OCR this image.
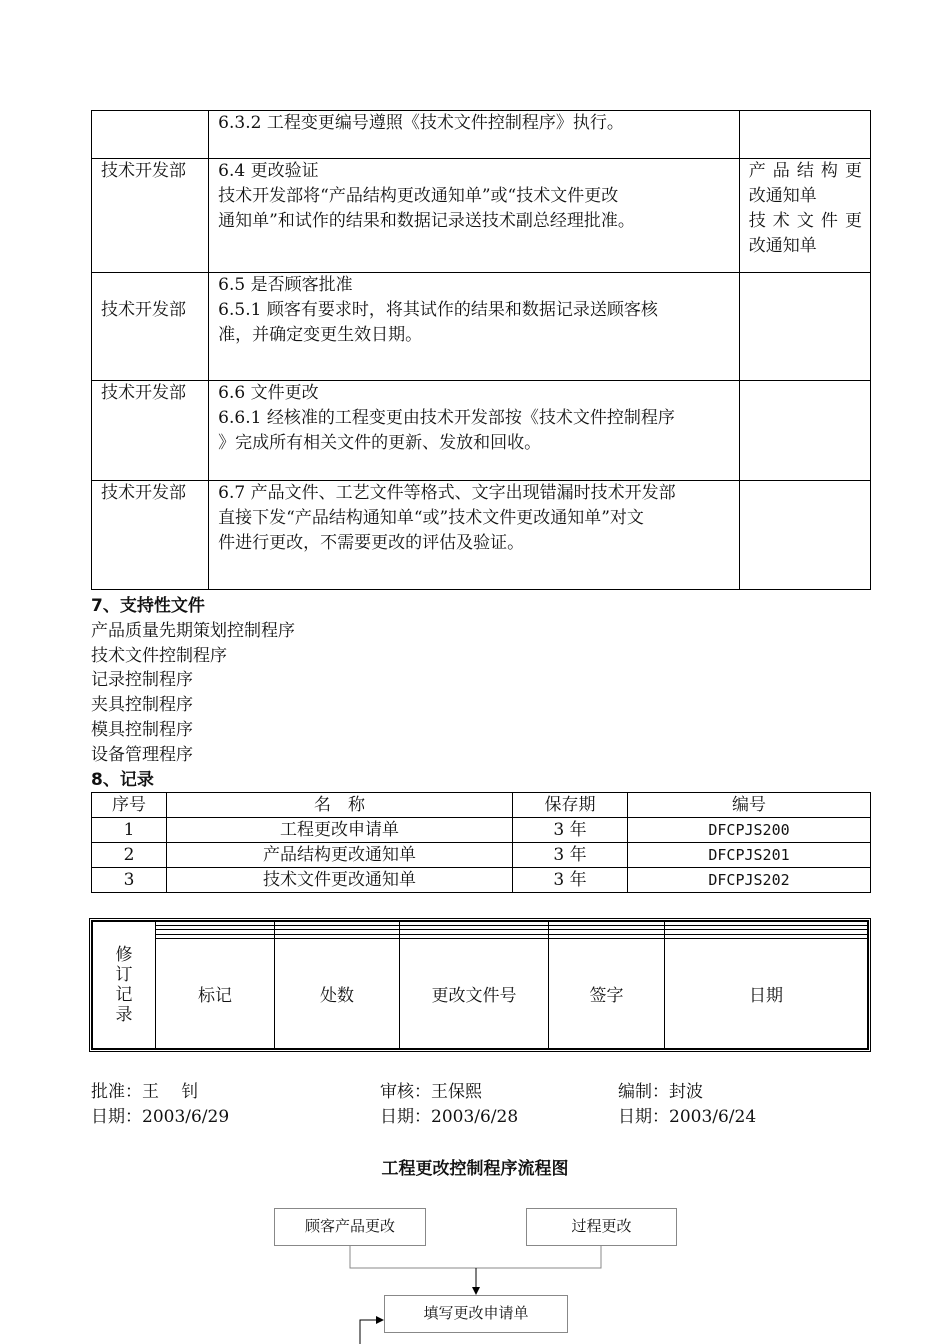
	6.3.2 工程变更编号遵照《技术文件控制程序》执行。	

技术开发部	6.4 更改验证
技术开发部将“产品结构更改通知单”或“技术文件更改
通知单”和试作的结果和数据记录送技术副总经理批准。	产品结构更
改通知单
技术文件更
改通知单

技术开发部	6.5 是否顾客批准
6.5.1 顾客有要求时，将其试作的结果和数据记录送顾客核
准，并确定变更生效日期。	

技术开发部	6.6 文件更改
6.6.1 经核准的工程变更由技术开发部按《技术文件控制程序
》完成所有相关文件的更新、发放和回收。	

技术开发部	6.7 产品文件、工艺文件等格式、文字出现错漏时技术开发部
直接下发“产品结构通知单“或”技术文件更改通知单”对文
件进行更改，不需要更改的评估及验证。	

7、支持性文件
产品质量先期策划控制程序
技术文件控制程序
记录控制程序
夹具控制程序
模具控制程序
设备管理程序
8、记录
序号	名　称	保存期	编号
1	工程更改申请单	3 年	DFCPJS200
2	产品结构更改通知单	3 年	DFCPJS201
3	技术文件更改通知单	3 年	DFCPJS202
修
订
记
录					

	标记	处数	更改文件号	签字	日期
批准：王　 钊	审核：王保熙	编制：封波
日期：2003/6/29	日期：2003/6/28	日期：2003/6/24
工程更改控制程序流程图
顾客产品更改	过程更改
填写更改申请单
